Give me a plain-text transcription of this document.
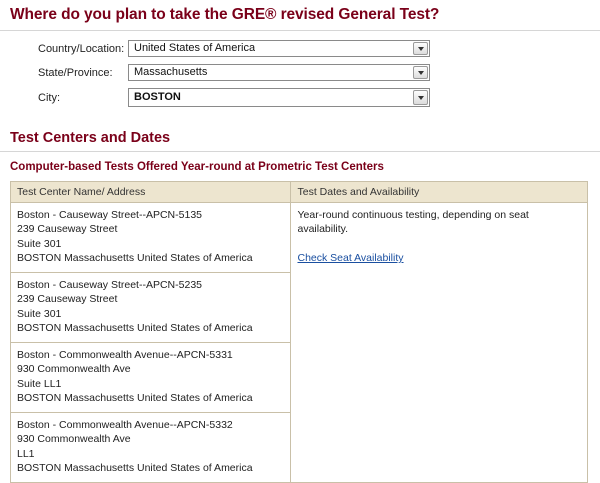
Where do you plan to take the GRE® revised General Test?
Country/Location: United States of America
State/Province:	Massachusetts
City:	BOSTON
Test Centers and Dates
Computer-based Tests Offered Year-round at Prometric Test Centers
Test Center Name/ Address	Test Dates and Availability

Boston - Causeway Street--APCN-5135
239 Causeway Street
Suite 301
BOSTON Massachusetts United States of America	Year-round continuous testing, depending on seat availability.
Check Seat Availability

Boston - Causeway Street--APCN-5235
239 Causeway Street
Suite 301
BOSTON Massachusetts United States of America	

Boston - Commonwealth Avenue--APCN-5331
930 Commonwealth Ave
Suite LL1
BOSTON Massachusetts United States of America	

Boston - Commonwealth Avenue--APCN-5332
930 Commonwealth Ave
LL1
BOSTON Massachusetts United States of America	
